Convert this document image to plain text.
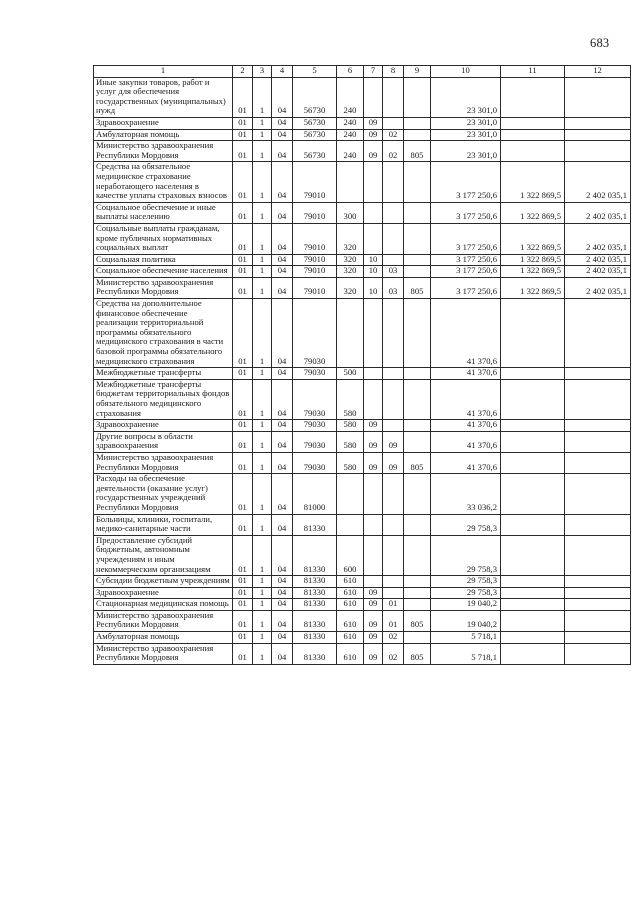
683
1	2	3	4	5	6	7	8	9	10	11	12
Иные закупки товаров, работ и услуг для обеспечения государственных (муниципальных) нужд	01	1	04	56730	240				23 301,0		
Здравоохранение	01	1	04	56730	240	09			23 301,0		
Амбулаторная помощь	01	1	04	56730	240	09	02		23 301,0		
Министерство здравоохранения Республики Мордовия	01	1	04	56730	240	09	02	805	23 301,0		
Средства на обязательное медицинское страхование неработающего населения в качестве уплаты страховых взносов	01	1	04	79010					3 177 250,6	1 322 869,5	2 402 035,1
Социальное обеспечение и иные выплаты населению	01	1	04	79010	300				3 177 250,6	1 322 869,5	2 402 035,1
Социальные выплаты гражданам, кроме публичных нормативных социальных выплат	01	1	04	79010	320				3 177 250,6	1 322 869,5	2 402 035,1
Социальная политика	01	1	04	79010	320	10			3 177 250,6	1 322 869,5	2 402 035,1
Социальное обеспечение населения	01	1	04	79010	320	10	03		3 177 250,6	1 322 869,5	2 402 035,1
Министерство здравоохранения Республики Мордовия	01	1	04	79010	320	10	03	805	3 177 250,6	1 322 869,5	2 402 035,1
Средства на дополнительное финансовое обеспечение реализации территориальной программы обязательного медицинского страхования в части базовой программы обязательного медицинского страхования	01	1	04	79030					41 370,6		
Межбюджетные трансферты	01	1	04	79030	500				41 370,6		
Межбюджетные трансферты бюджетам территориальных фондов обязательного медицинского страхования	01	1	04	79030	580				41 370,6		
Здравоохранение	01	1	04	79030	580	09			41 370,6		
Другие вопросы в области здравоохранения	01	1	04	79030	580	09	09		41 370,6		
Министерство здравоохранения Республики Мордовия	01	1	04	79030	580	09	09	805	41 370,6		
Расходы на обеспечение деятельности (оказание услуг) государственных учреждений Республики Мордовия	01	1	04	81000					33 036,2		
Больницы, клиники, госпитали, медико-санитарные части	01	1	04	81330					29 758,3		
Предоставление субсидий бюджетным, автономным учреждениям и иным некоммерческим организациям	01	1	04	81330	600				29 758,3		
Субсидии бюджетным учреждениям	01	1	04	81330	610				29 758,3		
Здравоохранение	01	1	04	81330	610	09			29 758,3		
Стационарная медицинская помощь	01	1	04	81330	610	09	01		19 040,2		
Министерство здравоохранения Республики Мордовия	01	1	04	81330	610	09	01	805	19 040,2		
Амбулаторная помощь	01	1	04	81330	610	09	02		5 718,1		
Министерство здравоохранения Республики Мордовия	01	1	04	81330	610	09	02	805	5 718,1		
